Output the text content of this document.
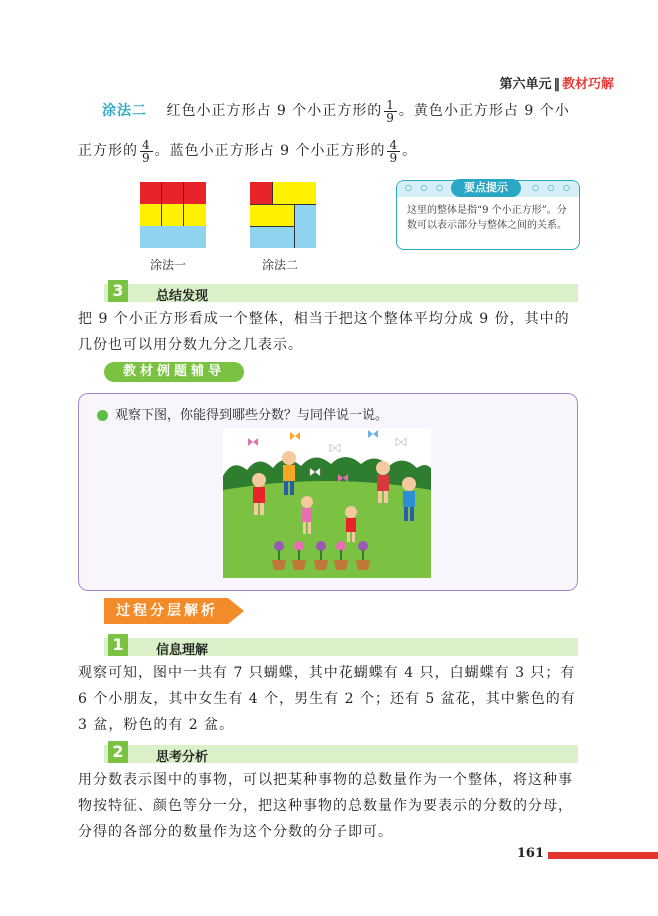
第六单元 ‖ 教材巧解
涂法二 红色小正方形占 9 个小正方形的 $\frac{1}{9}$ 。黄色小正方形占 9 个小
正方形的 $\frac{4}{9}$ 。蓝色小正方形占 9 个小正方形的 $\frac{4}{9}$ 。
涂法一	涂法二
○ ○ ○	○ ○ ○
要点提示
这里的整体是指“9 个小正方形”。分数可以表示部分与整体之间的关系。
3	总结发现
把 9 个小正方形看成一个整体，相当于把这个整体平均分成 9 份，其中的几份也可以用分数九分之几表示。
教材例题辅导
观察下图，你能得到哪些分数？与同伴说一说。
过程分层解析
1	信息理解
观察可知，图中一共有 7 只蝴蝶，其中花蝴蝶有 4 只，白蝴蝶有 3 只；有 6 个小朋友，其中女生有 4 个，男生有 2 个；还有 5 盆花，其中紫色的有 3 盆，粉色的有 2 盆。
2	思考分析
用分数表示图中的事物，可以把某种事物的总数量作为一个整体，将这种事物按特征、颜色等分一分，把这种事物的总数量作为要表示的分数的分母，分得的各部分的数量作为这个分数的分子即可。
161
